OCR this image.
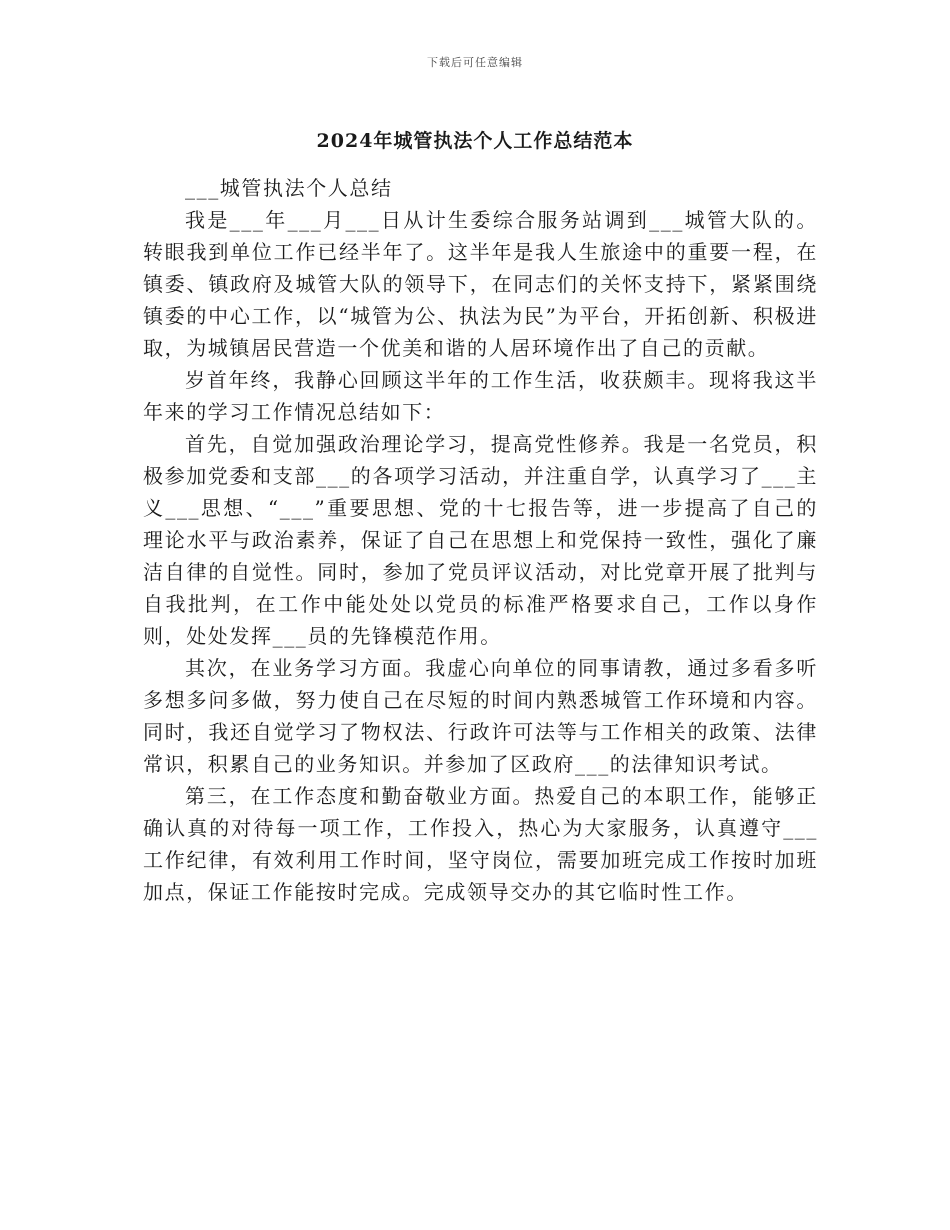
下载后可任意编辑
2024年城管执法个人工作总结范本

___城管执法个人总结

我是___年___月___日从计生委综合服务站调到___城管大队的。转眼我到单位工作已经半年了。这半年是我人生旅途中的重要一程，在镇委、镇政府及城管大队的领导下，在同志们的关怀支持下，紧紧围绕镇委的中心工作，以“城管为公、执法为民”为平台，开拓创新、积极进取，为城镇居民营造一个优美和谐的人居环境作出了自己的贡献。

岁首年终，我静心回顾这半年的工作生活，收获颇丰。现将我这半年来的学习工作情况总结如下：

首先，自觉加强政治理论学习，提高党性修养。我是一名党员，积极参加党委和支部___的各项学习活动，并注重自学，认真学习了___主义___思想、“___”重要思想、党的十七报告等，进一步提高了自己的理论水平与政治素养，保证了自己在思想上和党保持一致性，强化了廉洁自律的自觉性。同时，参加了党员评议活动，对比党章开展了批判与自我批判，在工作中能处处以党员的标准严格要求自己，工作以身作则，处处发挥___员的先锋模范作用。

其次，在业务学习方面。我虚心向单位的同事请教，通过多看多听多想多问多做，努力使自己在尽短的时间内熟悉城管工作环境和内容。同时，我还自觉学习了物权法、行政许可法等与工作相关的政策、法律常识，积累自己的业务知识。并参加了区政府___的法律知识考试。

第三，在工作态度和勤奋敬业方面。热爱自己的本职工作，能够正确认真的对待每一项工作，工作投入，热心为大家服务，认真遵守___工作纪律，有效利用工作时间，坚守岗位，需要加班完成工作按时加班加点，保证工作能按时完成。完成领导交办的其它临时性工作。
